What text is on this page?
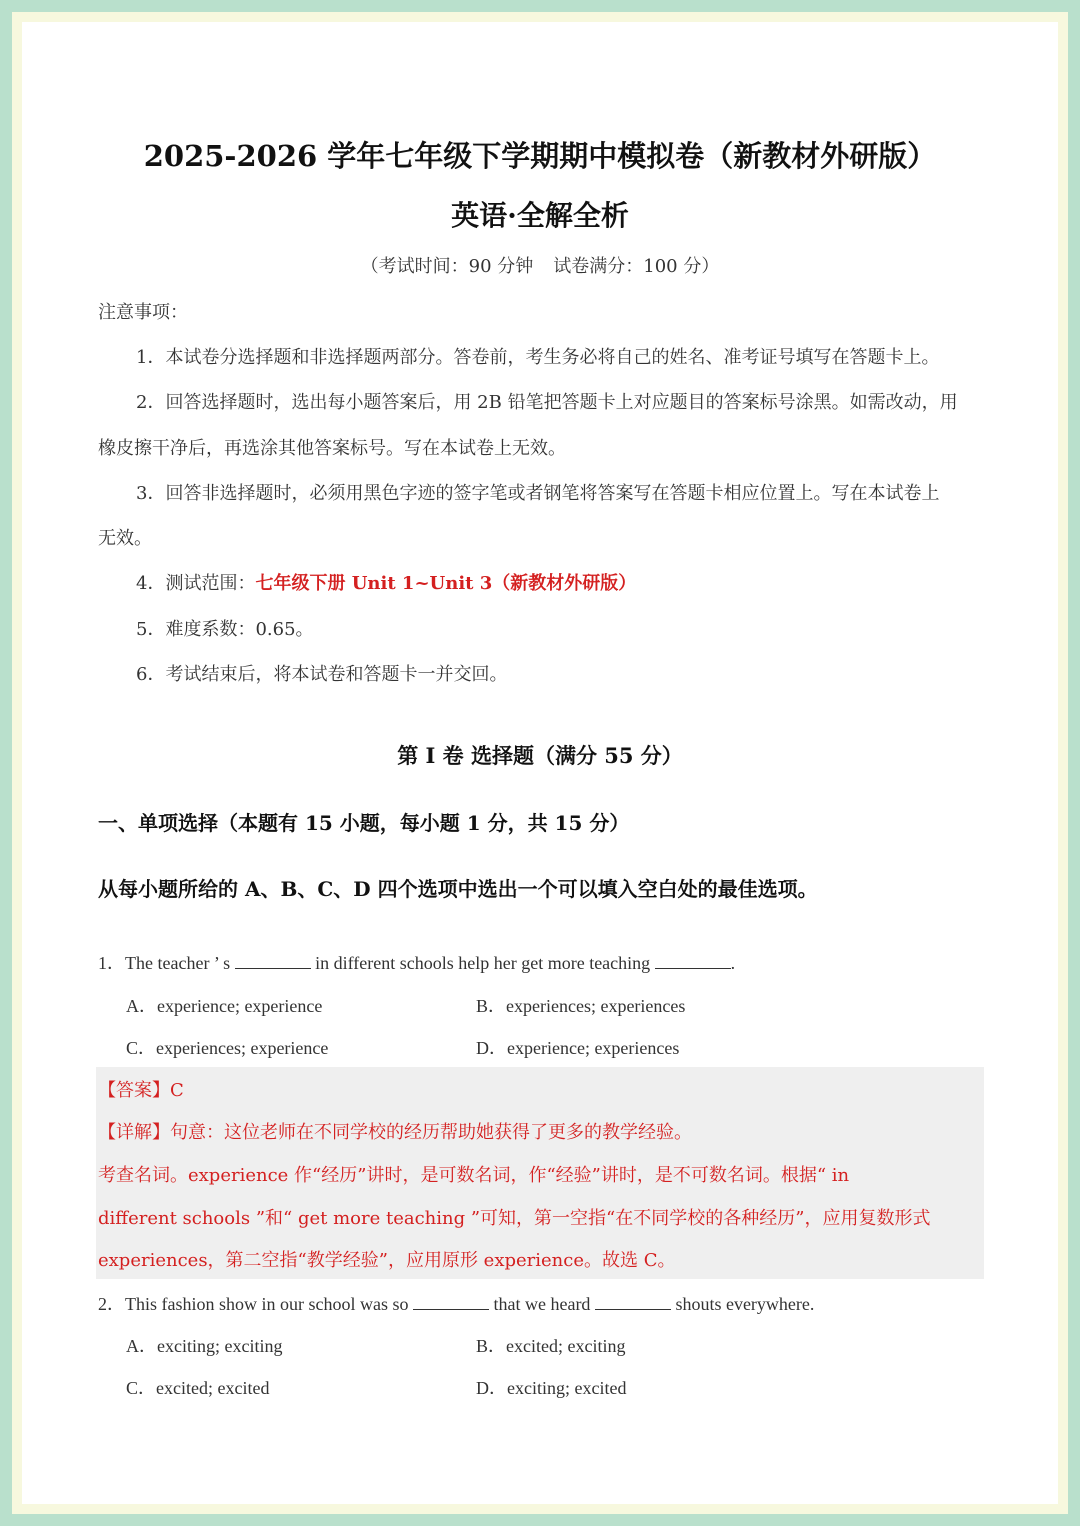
2025-2026 学年七年级下学期期中模拟卷（新教材外研版）
英语·全解全析
（考试时间：90 分钟 试卷满分：100 分）
注意事项：
1．本试卷分选择题和非选择题两部分。答卷前，考生务必将自己的姓名、准考证号填写在答题卡上。
2．回答选择题时，选出每小题答案后，用 2B 铅笔把答题卡上对应题目的答案标号涂黑。如需改动，用
橡皮擦干净后，再选涂其他答案标号。写在本试卷上无效。
3．回答非选择题时，必须用黑色字迹的签字笔或者钢笔将答案写在答题卡相应位置上。写在本试卷上
无效。
4．测试范围：七年级下册 Unit 1~Unit 3（新教材外研版）
5．难度系数：0.65。
6．考试结束后，将本试卷和答题卡一并交回。
第 I 卷 选择题（满分 55 分）
一、单项选择（本题有 15 小题，每小题 1 分，共 15 分）
从每小题所给的 A、B、C、D 四个选项中选出一个可以填入空白处的最佳选项。
1．The teacher ’ s	in different schools help her get more teaching	.
A．experience; experience	B．experiences; experiences
C．experiences; experience	D．experience; experiences
【答案】C
【详解】句意：这位老师在不同学校的经历帮助她获得了更多的教学经验。
考查名词。experience 作“经历”讲时，是可数名词，作“经验”讲时，是不可数名词。根据“ in
different schools ”和“ get more teaching ”可知，第一空指“在不同学校的各种经历”，应用复数形式
experiences，第二空指“教学经验”，应用原形 experience。故选 C。
2．This fashion show in our school was so	that we heard	shouts everywhere.
A．exciting; exciting	B．excited; exciting
C．excited; excited	D．exciting; excited
